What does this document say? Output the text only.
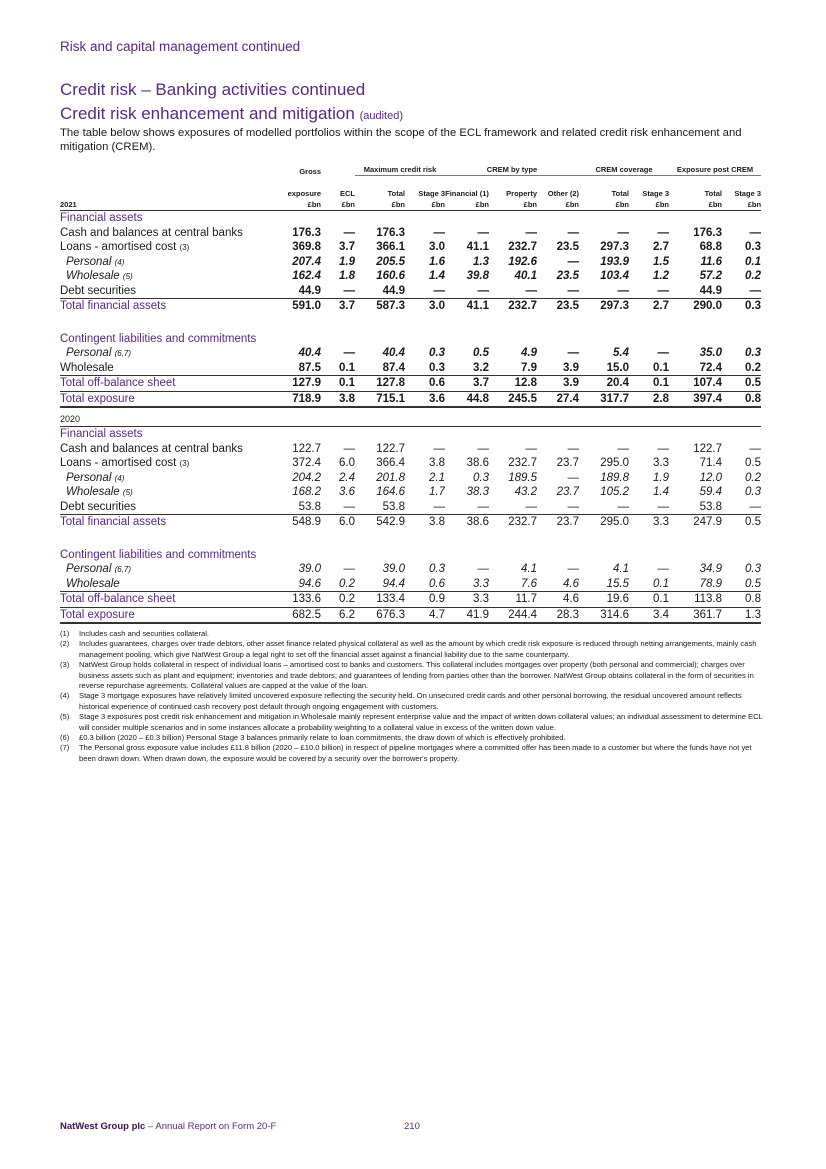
Risk and capital management continued
Credit risk – Banking activities continued
Credit risk enhancement and mitigation (audited)
The table below shows exposures of modelled portfolios within the scope of the ECL framework and related credit risk enhancement and mitigation (CREM).
	Gross		Maximum credit risk		CREM by type			CREM coverage		Exposure post CREM	

	exposure	ECL	Total	Stage 3	Financial (1)	Property	Other (2)	Total	Stage 3	Total	Stage 3
2021	£bn	£bn	£bn	£bn	£bn	£bn	£bn	£bn	£bn	£bn	£bn
Financial assets											
Cash and balances at central banks	176.3	—	176.3	—	—	—	—	—	—	176.3	—
Loans - amortised cost (3)	369.8	3.7	366.1	3.0	41.1	232.7	23.5	297.3	2.7	68.8	0.3
Personal (4)	207.4	1.9	205.5	1.6	1.3	192.6	—	193.9	1.5	11.6	0.1
Wholesale (5)	162.4	1.8	160.6	1.4	39.8	40.1	23.5	103.4	1.2	57.2	0.2
Debt securities	44.9	—	44.9	—	—	—	—	—	—	44.9	—
Total financial assets	591.0	3.7	587.3	3.0	41.1	232.7	23.5	297.3	2.7	290.0	0.3

Contingent liabilities and commitments											
Personal (6,7)	40.4	—	40.4	0.3	0.5	4.9	—	5.4	—	35.0	0.3
Wholesale	87.5	0.1	87.4	0.3	3.2	7.9	3.9	15.0	0.1	72.4	0.2
Total off-balance sheet	127.9	0.1	127.8	0.6	3.7	12.8	3.9	20.4	0.1	107.4	0.5
Total exposure	718.9	3.8	715.1	3.6	44.8	245.5	27.4	317.7	2.8	397.4	0.8
2020											
Financial assets											
Cash and balances at central banks	122.7	—	122.7	—	—	—	—	—	—	122.7	—
Loans - amortised cost (3)	372.4	6.0	366.4	3.8	38.6	232.7	23.7	295.0	3.3	71.4	0.5
Personal (4)	204.2	2.4	201.8	2.1	0.3	189.5	—	189.8	1.9	12.0	0.2
Wholesale (5)	168.2	3.6	164.6	1.7	38.3	43.2	23.7	105.2	1.4	59.4	0.3
Debt securities	53.8	—	53.8	—	—	—	—	—	—	53.8	—
Total financial assets	548.9	6.0	542.9	3.8	38.6	232.7	23.7	295.0	3.3	247.9	0.5

Contingent liabilities and commitments											
Personal (6,7)	39.0	—	39.0	0.3	—	4.1	—	4.1	—	34.9	0.3
Wholesale	94.6	0.2	94.4	0.6	3.3	7.6	4.6	15.5	0.1	78.9	0.5
Total off-balance sheet	133.6	0.2	133.4	0.9	3.3	11.7	4.6	19.6	0.1	113.8	0.8
Total exposure	682.5	6.2	676.3	4.7	41.9	244.4	28.3	314.6	3.4	361.7	1.3
(1)	Includes cash and securities collateral.
(2)	Includes guarantees, charges over trade debtors, other asset finance related physical collateral as well as the amount by which credit risk exposure is reduced through netting arrangements, mainly cash management pooling, which give NatWest Group a legal right to set off the financial asset against a financial liability due to the same counterparty.
(3)	NatWest Group holds collateral in respect of individual loans – amortised cost to banks and customers. This collateral includes mortgages over property (both personal and commercial); charges over business assets such as plant and equipment; inventories and trade debtors; and guarantees of lending from parties other than the borrower. NatWest Group obtains collateral in the form of securities in reverse repurchase agreements. Collateral values are capped at the value of the loan.
(4)	Stage 3 mortgage exposures have relatively limited uncovered exposure reflecting the security held. On unsecured credit cards and other personal borrowing, the residual uncovered amount reflects historical experience of continued cash recovery post default through ongoing engagement with customers.
(5)	Stage 3 exposures post credit risk enhancement and mitigation in Wholesale mainly represent enterprise value and the impact of written down collateral values; an individual assessment to determine ECL will consider multiple scenarios and in some instances allocate a probability weighting to a collateral value in excess of the written down value.
(6)	£0.3 billion (2020 – £0.3 billion) Personal Stage 3 balances primarily relate to loan commitments, the draw down of which is effectively prohibited.
(7)	The Personal gross exposure value includes £11.8 billion (2020 – £10.0 billion) in respect of pipeline mortgages where a committed offer has been made to a customer but where the funds have not yet been drawn down. When drawn down, the exposure would be covered by a security over the borrower's property.
NatWest Group plc – Annual Report on Form 20-F	210
